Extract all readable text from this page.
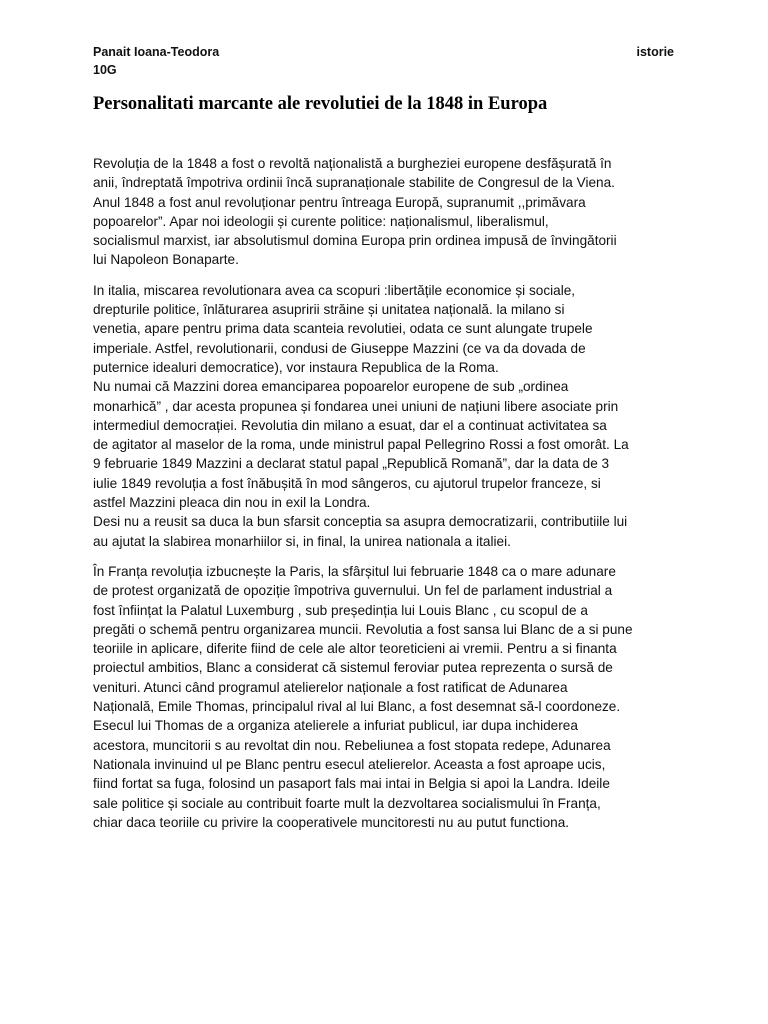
Panait Ioana-Teodora
10G
istorie
Personalitati marcante ale revolutiei de la 1848 in Europa

Revoluția de la 1848 a fost o revoltă naționalistă a burgheziei europene desfășurată în
anii, îndreptată împotriva ordinii încă supranaționale stabilite de Congresul de la Viena.
Anul 1848 a fost anul revoluționar pentru întreaga Europă, supranumit ,,primăvara
popoarelor”. Apar noi ideologii și curente politice: naționalismul, liberalismul,
socialismul marxist, iar absolutismul domina Europa prin ordinea impusă de învingătorii
lui Napoleon Bonaparte.

In italia, miscarea revolutionara avea ca scopuri :libertățile economice și sociale,
drepturile politice, înlăturarea asupririi străine și unitatea națională. la milano si
venetia, apare pentru prima data scanteia revolutiei, odata ce sunt alungate trupele
imperiale. Astfel, revolutionarii, condusi de Giuseppe Mazzini (ce va da dovada de
puternice idealuri democratice), vor instaura Republica de la Roma.
Nu numai că Mazzini dorea emanciparea popoarelor europene de sub „ordinea
monarhică” , dar acesta propunea și fondarea unei uniuni de națiuni libere asociate prin
intermediul democrației. Revolutia din milano a esuat, dar el a continuat activitatea sa
de agitator al maselor de la roma, unde ministrul papal Pellegrino Rossi a fost omorât. La
9 februarie 1849 Mazzini a declarat statul papal „Republică Romană”, dar la data de 3
iulie 1849 revoluția a fost înăbușită în mod sângeros, cu ajutorul trupelor franceze, si
astfel Mazzini pleaca din nou in exil la Londra.
Desi nu a reusit sa duca la bun sfarsit conceptia sa asupra democratizarii, contributiile lui
au ajutat la slabirea monarhiilor si, in final, la unirea nationala a italiei.

În Franța revoluția izbucnește la Paris, la sfârșitul lui februarie 1848 ca o mare adunare
de protest organizată de opoziție împotriva guvernului. Un fel de parlament industrial a
fost înființat la Palatul Luxemburg , sub președinția lui Louis Blanc , cu scopul de a
pregăti o schemă pentru organizarea muncii. Revolutia a fost sansa lui Blanc de a si pune
teoriile in aplicare, diferite fiind de cele ale altor teoreticieni ai vremii. Pentru a si finanta
proiectul ambitios, Blanc a considerat că sistemul feroviar putea reprezenta o sursă de
venituri. Atunci când programul atelierelor naționale a fost ratificat de Adunarea
Națională, Emile Thomas, principalul rival al lui Blanc, a fost desemnat să-l coordoneze.
Esecul lui Thomas de a organiza atelierele a infuriat publicul, iar dupa inchiderea
acestora, muncitorii s au revoltat din nou. Rebeliunea a fost stopata redepe, Adunarea
Nationala invinuind ul pe Blanc pentru esecul atelierelor. Aceasta a fost aproape ucis,
fiind fortat sa fuga, folosind un pasaport fals mai intai in Belgia si apoi la Landra. Ideile
sale politice și sociale au contribuit foarte mult la dezvoltarea socialismului în Franța,
chiar daca teoriile cu privire la cooperativele muncitoresti nu au putut functiona.
